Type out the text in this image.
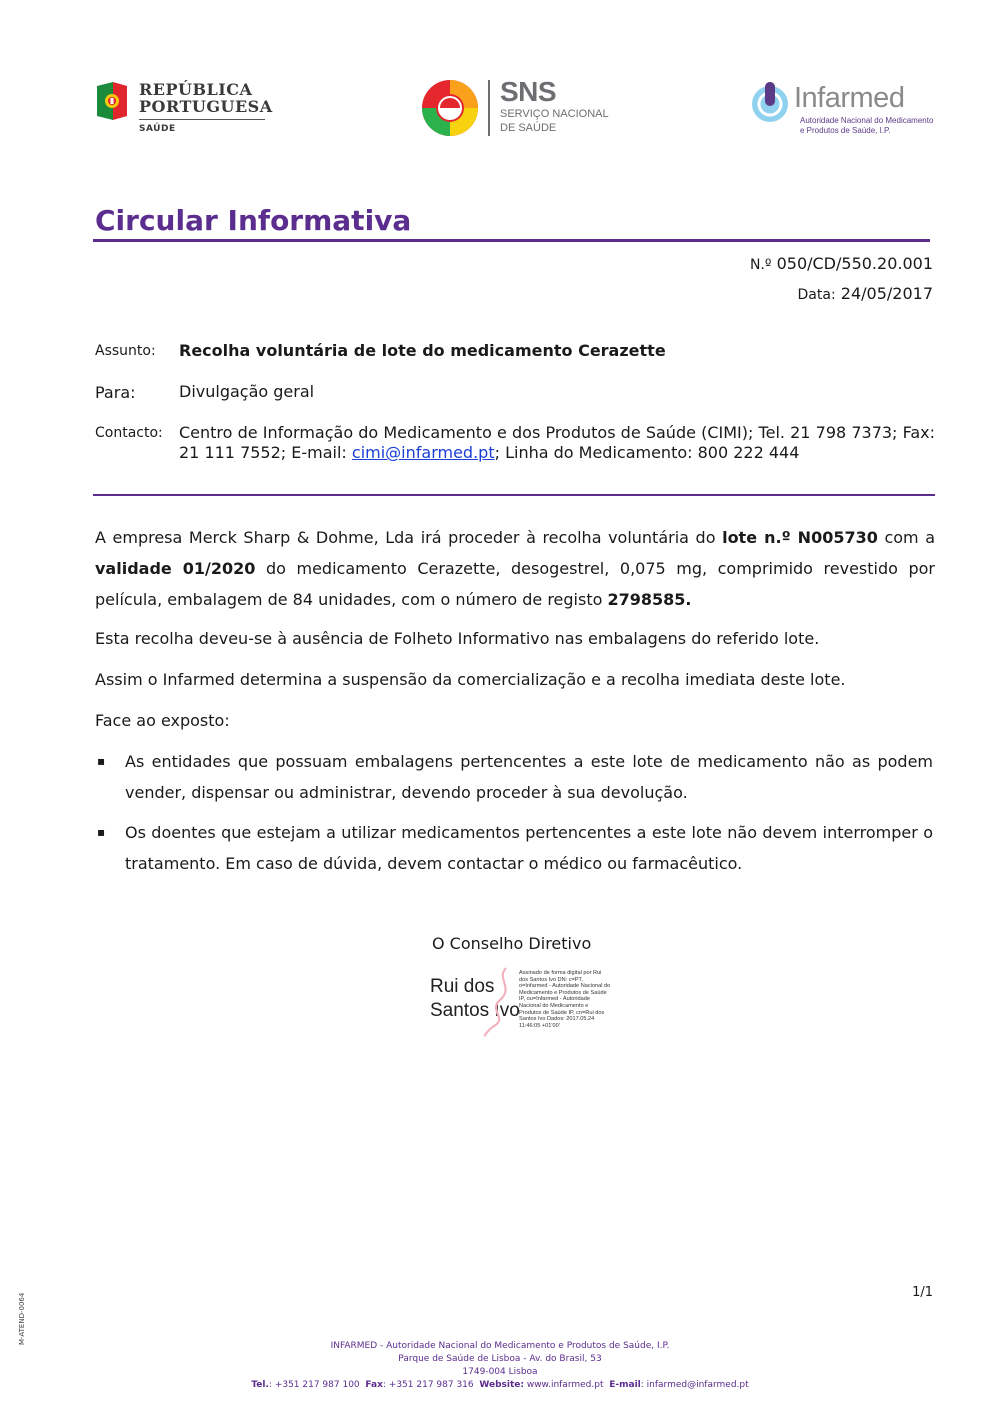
REPÚBLICA
PORTUGUESA
SAÚDE
SNS
SERVIÇO NACIONAL
DE SAÚDE
Infarmed
Autoridade Nacional do Medicamento
e Produtos de Saúde, I.P.
Circular Informativa
N.º 050/CD/550.20.001
Data: 24/05/2017
Assunto: Recolha voluntária de lote do medicamento Cerazette
Para:	Divulgação geral
Contacto: Centro de Informação do Medicamento e dos Produtos de Saúde (CIMI); Tel. 21 798 7373; Fax: 21 111 7552; E-mail: cimi@infarmed.pt; Linha do Medicamento: 800 222 444
A empresa Merck Sharp & Dohme, Lda irá proceder à recolha voluntária do lote n.º N005730 com a validade 01/2020 do medicamento Cerazette, desogestrel, 0,075 mg, comprimido revestido por película, embalagem de 84 unidades, com o número de registo 2798585.
Esta recolha deveu-se à ausência de Folheto Informativo nas embalagens do referido lote.
Assim o Infarmed determina a suspensão da comercialização e a recolha imediata deste lote.
Face ao exposto:
▪ As entidades que possuam embalagens pertencentes a este lote de medicamento não as podem vender, dispensar ou administrar, devendo proceder à sua devolução.
▪ Os doentes que estejam a utilizar medicamentos pertencentes a este lote não devem interromper o tratamento. Em caso de dúvida, devem contactar o médico ou farmacêutico.
O Conselho Diretivo
Rui dos
Santos Ivo
Assinado de forma digital por Rui dos Santos Ivo DN: c=PT, o=Infarmed - Autoridade Nacional do Medicamento e Produtos de Saúde IP, ou=Infarmed - Autoridade Nacional do Medicamento e Produtos de Saúde IP, cn=Rui dos Santos Ivo Dados: 2017.05.24 11:46:05 +01'00'
1/1
M-ATEND-0064
INFARMED - Autoridade Nacional do Medicamento e Produtos de Saúde, I.P.
Parque de Saúde de Lisboa - Av. do Brasil, 53
1749-004 Lisboa
Tel.: +351 217 987 100 Fax: +351 217 987 316 Website: www.infarmed.pt E-mail: infarmed@infarmed.pt
